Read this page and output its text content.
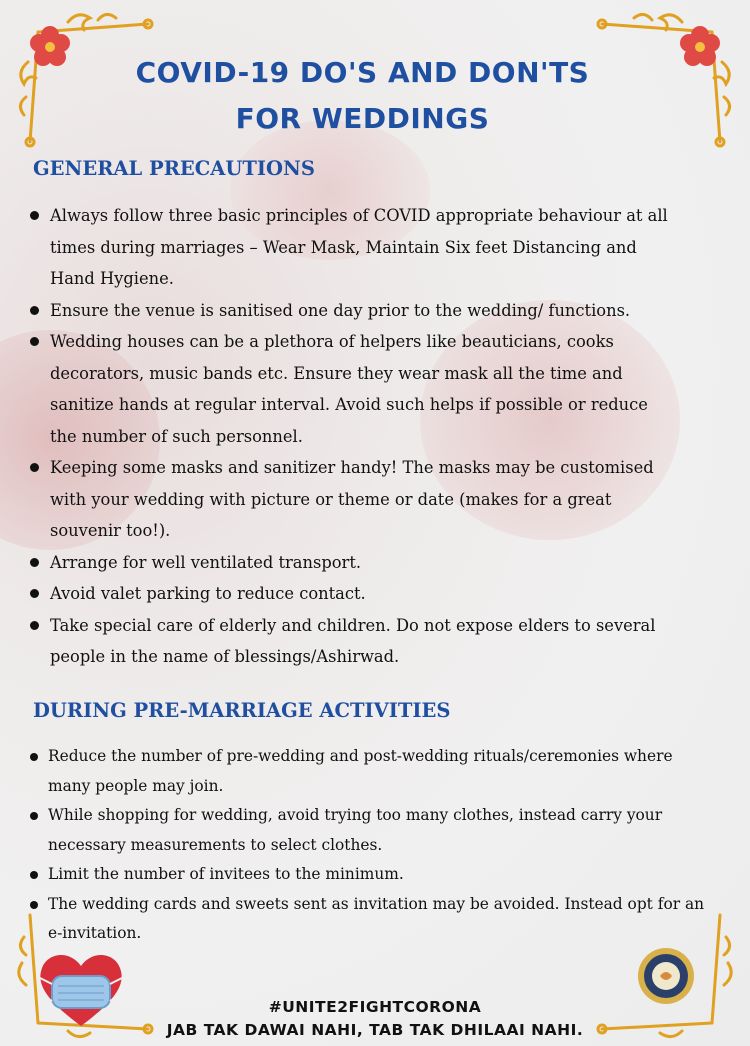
COVID-19 DO'S AND DON'TS
FOR WEDDINGS
GENERAL PRECAUTIONS
Always follow three basic principles of COVID appropriate behaviour at all times during marriages – Wear Mask, Maintain Six feet Distancing and Hand Hygiene.
Ensure the venue is sanitised one day prior to the wedding/ functions.
Wedding houses can be a plethora of helpers like beauticians, cooks decorators, music bands etc. Ensure they wear mask all the time and sanitize hands at regular interval. Avoid such helps if possible or reduce the number of such personnel.
Keeping some masks and sanitizer handy! The masks may be customised with your wedding with picture or theme or date (makes for a great souvenir too!).
Arrange for well ventilated transport.
Avoid valet parking to reduce contact.
Take special care of elderly and children. Do not expose elders to several people in the name of blessings/Ashirwad.
DURING PRE-MARRIAGE ACTIVITIES
Reduce the number of pre-wedding and post-wedding rituals/ceremonies where many people may join.
While shopping for wedding, avoid trying too many clothes, instead carry your necessary measurements to select clothes.
Limit the number of invitees to the minimum.
The wedding cards and sweets sent as invitation may be avoided. Instead opt for an e-invitation.
#UNITE2FIGHTCORONA
JAB TAK DAWAI NAHI, TAB TAK DHILAAI NAHI.
